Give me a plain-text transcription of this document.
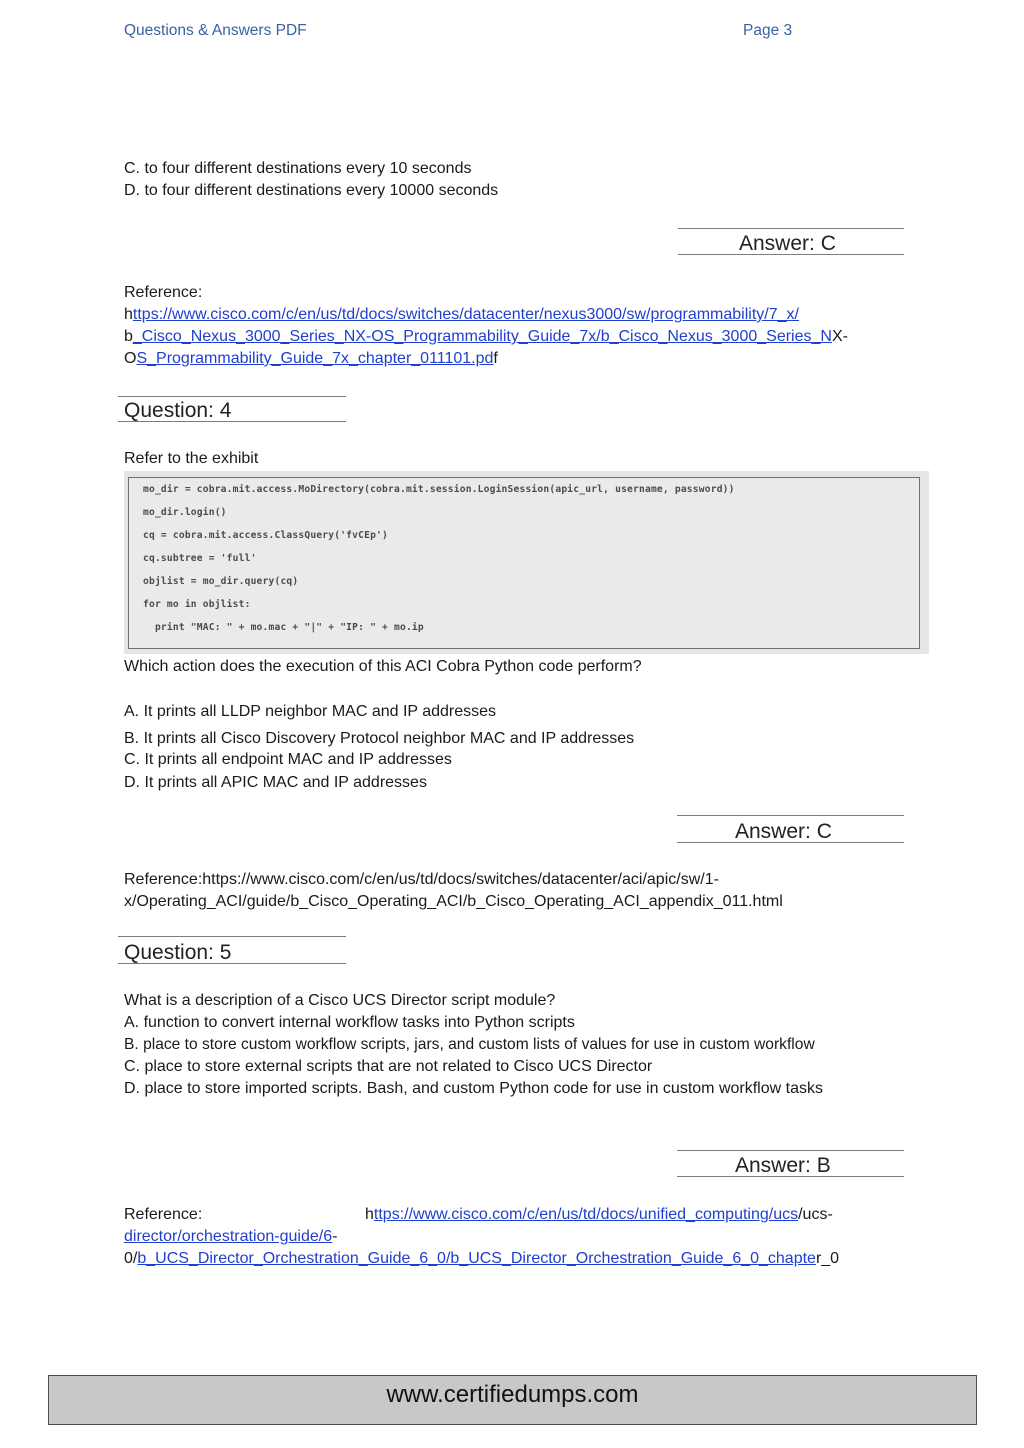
Questions & Answers PDF	Page 3
C. to four different destinations every 10 seconds
D. to four different destinations every 10000 seconds
Answer: C
Reference:
https://www.cisco.com/c/en/us/td/docs/switches/datacenter/nexus3000/sw/programmability/7_x/
b_Cisco_Nexus_3000_Series_NX-OS_Programmability_Guide_7x/b_Cisco_Nexus_3000_Series_NX-
OS_Programmability_Guide_7x_chapter_011101.pdf
Question: 4
Refer to the exhibit
mo_dir = cobra.mit.access.MoDirectory(cobra.mit.session.LoginSession(apic_url, username, password))
mo_dir.login()
cq = cobra.mit.access.ClassQuery('fvCEp')
cq.subtree = 'full'
objlist = mo_dir.query(cq)
for mo in objlist:
print "MAC: " + mo.mac + "|" + "IP: " + mo.ip
Which action does the execution of this ACI Cobra Python code perform?
A. It prints all LLDP neighbor MAC and IP addresses
B. It prints all Cisco Discovery Protocol neighbor MAC and IP addresses
C. It prints all endpoint MAC and IP addresses
D. It prints all APIC MAC and IP addresses
Answer: C
Reference:https://www.cisco.com/c/en/us/td/docs/switches/datacenter/aci/apic/sw/1-
x/Operating_ACI/guide/b_Cisco_Operating_ACI/b_Cisco_Operating_ACI_appendix_011.html
Question: 5
What is a description of a Cisco UCS Director script module?
A. function to convert internal workflow tasks into Python scripts
B. place to store custom workflow scripts, jars, and custom lists of values for use in custom workflow
C. place to store external scripts that are not related to Cisco UCS Director
D. place to store imported scripts. Bash, and custom Python code for use in custom workflow tasks
Answer: B
Reference:	https://www.cisco.com/c/en/us/td/docs/unified_computing/ucs/ucs-
director/orchestration-guide/6-
0/b_UCS_Director_Orchestration_Guide_6_0/b_UCS_Director_Orchestration_Guide_6_0_chapter_0
www.certifiedumps.com
